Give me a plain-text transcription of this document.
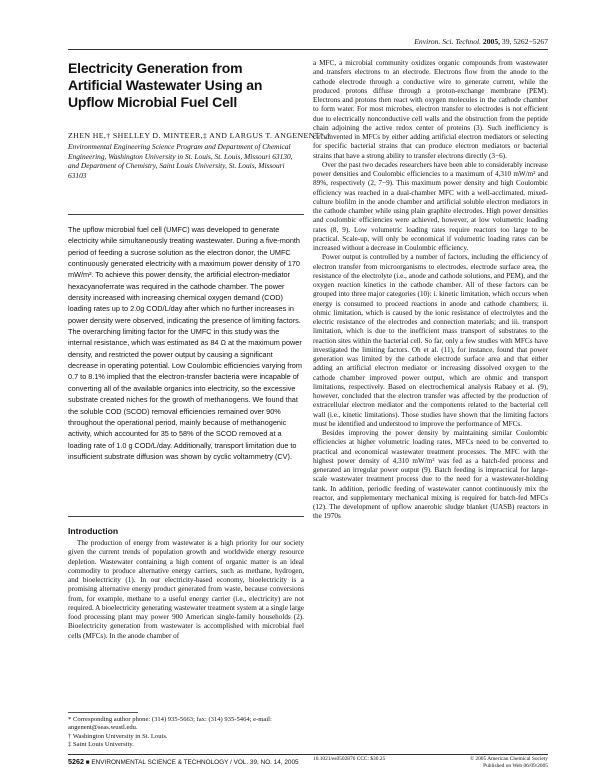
Environ. Sci. Technol. 2005, 39, 5262−5267
Electricity Generation from Artificial Wastewater Using an Upflow Microbial Fuel Cell
ZHEN HE,† SHELLEY D. MINTEER,‡ AND LARGUS T. ANGENENT*,†
Environmental Engineering Science Program and Department of Chemical Engineering, Washington University in St. Louis, St. Louis, Missouri 63130, and Department of Chemistry, Saint Louis University, St. Louis, Missouri 63103

The upflow microbial fuel cell (UMFC) was developed to generate electricity while simultaneously treating wastewater. During a five-month period of feeding a sucrose solution as the electron donor, the UMFC continuously generated electricity with a maximum power density of 170 mW/m². To achieve this power density, the artificial electron-mediator hexacyanoferrate was required in the cathode chamber. The power density increased with increasing chemical oxygen demand (COD) loading rates up to 2.0g COD/L/day after which no further increases in power density were observed, indicating the presence of limiting factors. The overarching limiting factor for the UMFC in this study was the internal resistance, which was estimated as 84 Ω at the maximum power density, and restricted the power output by causing a significant decrease in operating potential. Low Coulombic efficiencies varying from 0.7 to 8.1% implied that the electron-transfer bacteria were incapable of converting all of the available organics into electricity, so the excessive substrate created niches for the growth of methanogens. We found that the soluble COD (SCOD) removal efficiencies remained over 90% throughout the operational period, mainly because of methanogenic activity, which accounted for 35 to 58% of the SCOD removed at a loading rate of 1.0 g COD/L/day. Additionally, transport limitation due to insufficient substrate diffusion was shown by cyclic voltammetry (CV).

Introduction

The production of energy from wastewater is a high priority for our society given the current trends of population growth and worldwide energy resource depletion. Wastewater containing a high content of organic matter is an ideal commodity to produce alternative energy carriers, such as methane, hydrogen, and bioelectricity (1). In our electricity-based economy, bioelectricity is a promising alternative energy product generated from waste, because conversions from, for example, methane to a useful energy carrier (i.e., electricity) are not required. A bioelectricity generating wastewater treatment system at a single large food processing plant may power 900 American single-family households (2). Bioelectricity generation from wastewater is accomplished with microbial fuel cells (MFCs). In the anode chamber of

* Corresponding author phone: (314) 935-5663; fax: (314) 935-5464; e-mail: angenent@seas.wustl.edu.
† Washington University in St. Louis.
‡ Saint Louis University.

a MFC, a microbial community oxidizes organic compounds from wastewater and transfers electrons to an electrode. Electrons flow from the anode to the cathode electrode through a conductive wire to generate current, while the produced protons diffuse through a proton-exchange membrane (PEM). Electrons and protons then react with oxygen molecules in the cathode chamber to form water. For most microbes, electron transfer to electrodes is not efficient due to electrically nonconductive cell walls and the obstruction from the peptide chain adjoining the active redox center of proteins (3). Such inefficiency is circumvented in MFCs by either adding artificial electron mediators or selecting for specific bacterial strains that can produce electron mediators or bacterial strains that have a strong ability to transfer electrons directly (3−6).

Over the past two decades researchers have been able to considerably increase power densities and Coulombic efficiencies to a maximum of 4,310 mW/m² and 89%, respectively (2, 7−9). This maximum power density and high Coulombic efficiency was reached in a dual-chamber MFC with a well-acclimated, mixed-culture biofilm in the anode chamber and artificial soluble electron mediators in the cathode chamber while using plain graphite electrodes. High power densities and coulombic efficiencies were achieved, however, at low volumetric loading rates (8, 9). Low volumetric loading rates require reactors too large to be practical. Scale-up, will only be economical if volumetric loading rates can be increased without a decrease in Coulombic efficiency.

Power output is controlled by a number of factors, including the efficiency of electron transfer from microorganisms to electrodes, electrode surface area, the resistance of the electrolyte (i.e., anode and cathode solutions, and PEM), and the oxygen reaction kinetics in the cathode chamber. All of these factors can be grouped into three major categories (10): i. kinetic limitation, which occurs when energy is consumed to proceed reactions in anode and cathode chambers; ii. ohmic limitation, which is caused by the ionic resistance of electrolytes and the electric resistance of the electrodes and connection materials; and iii. transport limitation, which is due to the inefficient mass transport of substrates to the reaction sites within the bacterial cell. So far, only a few studies with MFCs have investigated the limiting factors. Oh et al. (11), for instance, found that power generation was limited by the cathode electrode surface area and that either adding an artificial electron mediator or increasing dissolved oxygen to the cathode chamber improved power output, which are ohmic and transport limitations, respectively. Based on electrochemical analysis Rabaey et al. (9), however, concluded that the electron transfer was affected by the production of extracellular electron mediator and the components related to the bacterial cell wall (i.e., kinetic limitations). Those studies have shown that the limiting factors must be identified and understood to improve the performance of MFCs.

Besides improving the power density by maintaining similar Coulombic efficiencies at higher volumetric loading rates, MFCs need to be converted to practical and economical wastewater treatment processes. The MFC with the highest power density of 4,310 mW/m² was fed as a batch-fed process and generated an irregular power output (9). Batch feeding is impractical for large-scale wastewater treatment process due to the need for a wastewater-holding tank. In addition, periodic feeding of wastewater cannot continuously mix the reactor, and supplementary mechanical mixing is required for batch-fed MFCs (12). The development of upflow anaerobic sludge blanket (UASB) reactors in the 1970s

5262 ■ ENVIRONMENTAL SCIENCE & TECHNOLOGY / VOL. 39, NO. 14, 2005	10.1021/es0502876 CCC: $30.25	© 2005 American Chemical Society
Published on Web 06/09/2005
